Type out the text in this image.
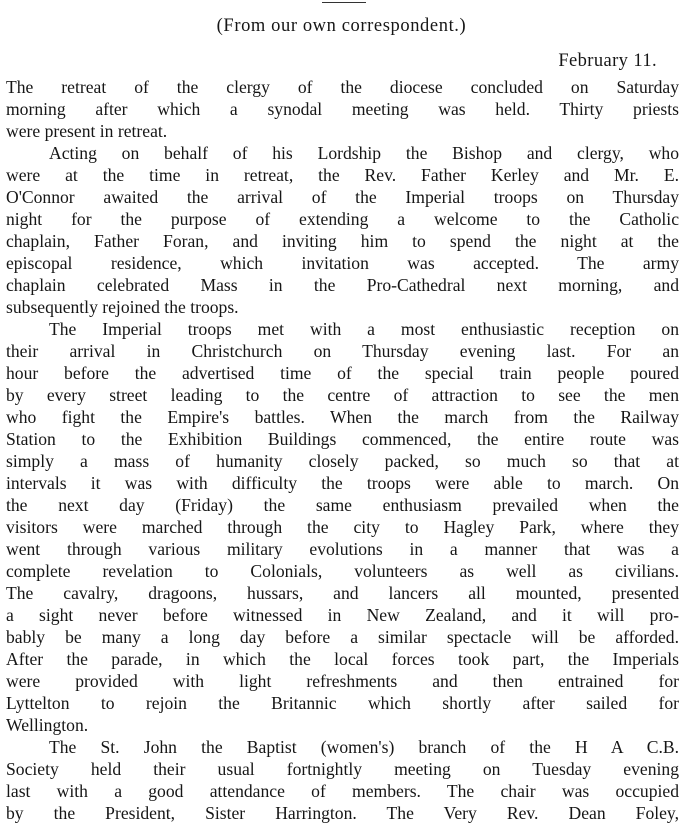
(From our own correspondent.)
February 11.
The retreat of the clergy of the diocese concluded on Saturday
morning after which a synodal meeting was held. Thirty priests
were present in retreat.
Acting on behalf of his Lordship the Bishop and clergy, who
were at the time in retreat, the Rev. Father Kerley and Mr. E.
O'Connor awaited the arrival of the Imperial troops on Thursday
night for the purpose of extending a welcome to the Catholic
chaplain, Father Foran, and inviting him to spend the night at the
episcopal residence, which invitation was accepted. The army
chaplain celebrated Mass in the Pro-Cathedral next morning, and
subsequently rejoined the troops.
The Imperial troops met with a most enthusiastic reception on
their arrival in Christchurch on Thursday evening last. For an
hour before the advertised time of the special train people poured
by every street leading to the centre of attraction to see the men
who fight the Empire's battles. When the march from the Railway
Station to the Exhibition Buildings commenced, the entire route was
simply a mass of humanity closely packed, so much so that at
intervals it was with difficulty the troops were able to march. On
the next day (Friday) the same enthusiasm prevailed when the
visitors were marched through the city to Hagley Park, where they
went through various military evolutions in a manner that was a
complete revelation to Colonials, volunteers as well as civilians.
The cavalry, dragoons, hussars, and lancers all mounted, presented
a sight never before witnessed in New Zealand, and it will pro-
bably be many a long day before a similar spectacle will be afforded.
After the parade, in which the local forces took part, the Imperials
were provided with light refreshments and then entrained for
Lyttelton to rejoin the Britannic which shortly after sailed for
Wellington.
The St. John the Baptist (women's) branch of the H A C.B.
Society held their usual fortnightly meeting on Tuesday evening
last with a good attendance of members. The chair was occupied
by the President, Sister Harrington. The Very Rev. Dean Foley,
